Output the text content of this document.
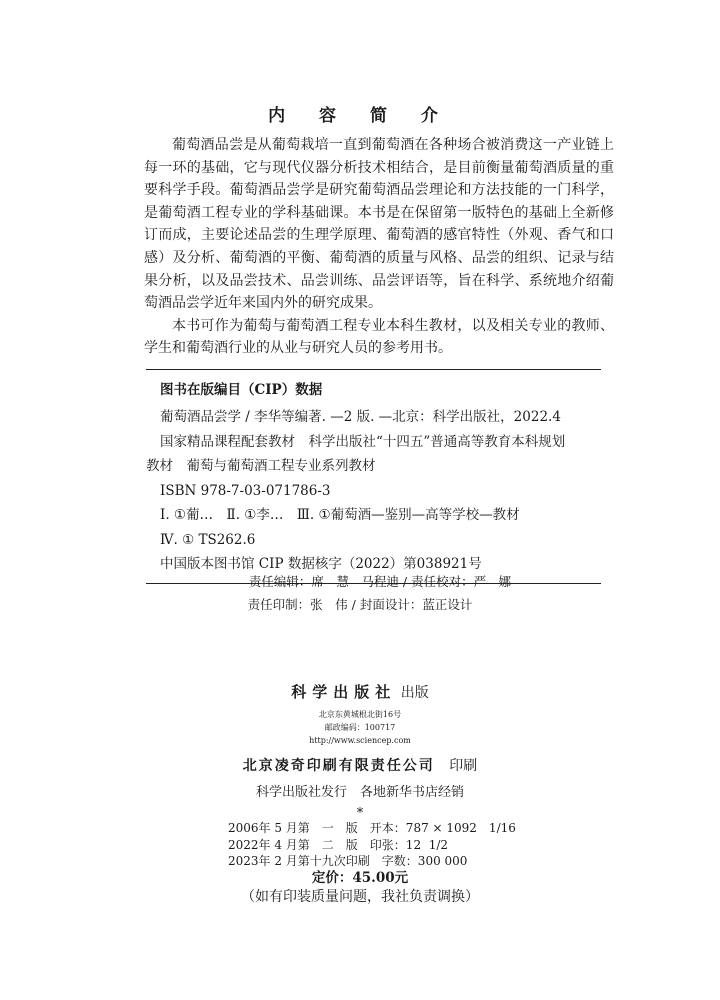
内 容 简 介

葡萄酒品尝是从葡萄栽培一直到葡萄酒在各种场合被消费这一产业链上每一环的基础，它与现代仪器分析技术相结合，是目前衡量葡萄酒质量的重要科学手段。葡萄酒品尝学是研究葡萄酒品尝理论和方法技能的一门科学，是葡萄酒工程专业的学科基础课。本书是在保留第一版特色的基础上全新修订而成，主要论述品尝的生理学原理、葡萄酒的感官特性（外观、香气和口感）及分析、葡萄酒的平衡、葡萄酒的质量与风格、品尝的组织、记录与结果分析，以及品尝技术、品尝训练、品尝评语等，旨在科学、系统地介绍葡萄酒品尝学近年来国内外的研究成果。

本书可作为葡萄与葡萄酒工程专业本科生教材，以及相关专业的教师、学生和葡萄酒行业的从业与研究人员的参考用书。

图书在版编目（CIP）数据
葡萄酒品尝学 / 李华等编著. —2 版. —北京：科学出版社，2022.4
国家精品课程配套教材　科学出版社“十四五”普通高等教育本科规划
教材　葡萄与葡萄酒工程专业系列教材
ISBN 978-7-03-071786-3
Ⅰ. ①葡…　Ⅱ. ①李…　Ⅲ. ①葡萄酒—鉴别—高等学校—教材
Ⅳ. ① TS262.6
中国版本图书馆 CIP 数据核字（2022）第038921号
责任编辑：席　慧　马程迪 / 责任校对：严　娜
责任印制：张　伟 / 封面设计：蓝正设计
科学出版社 出版
北京东黄城根北街16号
邮政编码：100717
http://www.sciencep.com
北京凌奇印刷有限责任公司 印刷
科学出版社发行　各地新华书店经销
*
2006年 5 月第　一　版　开本：787 × 1092　1/16
2022年 4 月第　二　版　印张：12  1/2
2023年 2 月第十九次印刷　字数：300 000
定价：45.00元
（如有印装质量问题，我社负责调换）
